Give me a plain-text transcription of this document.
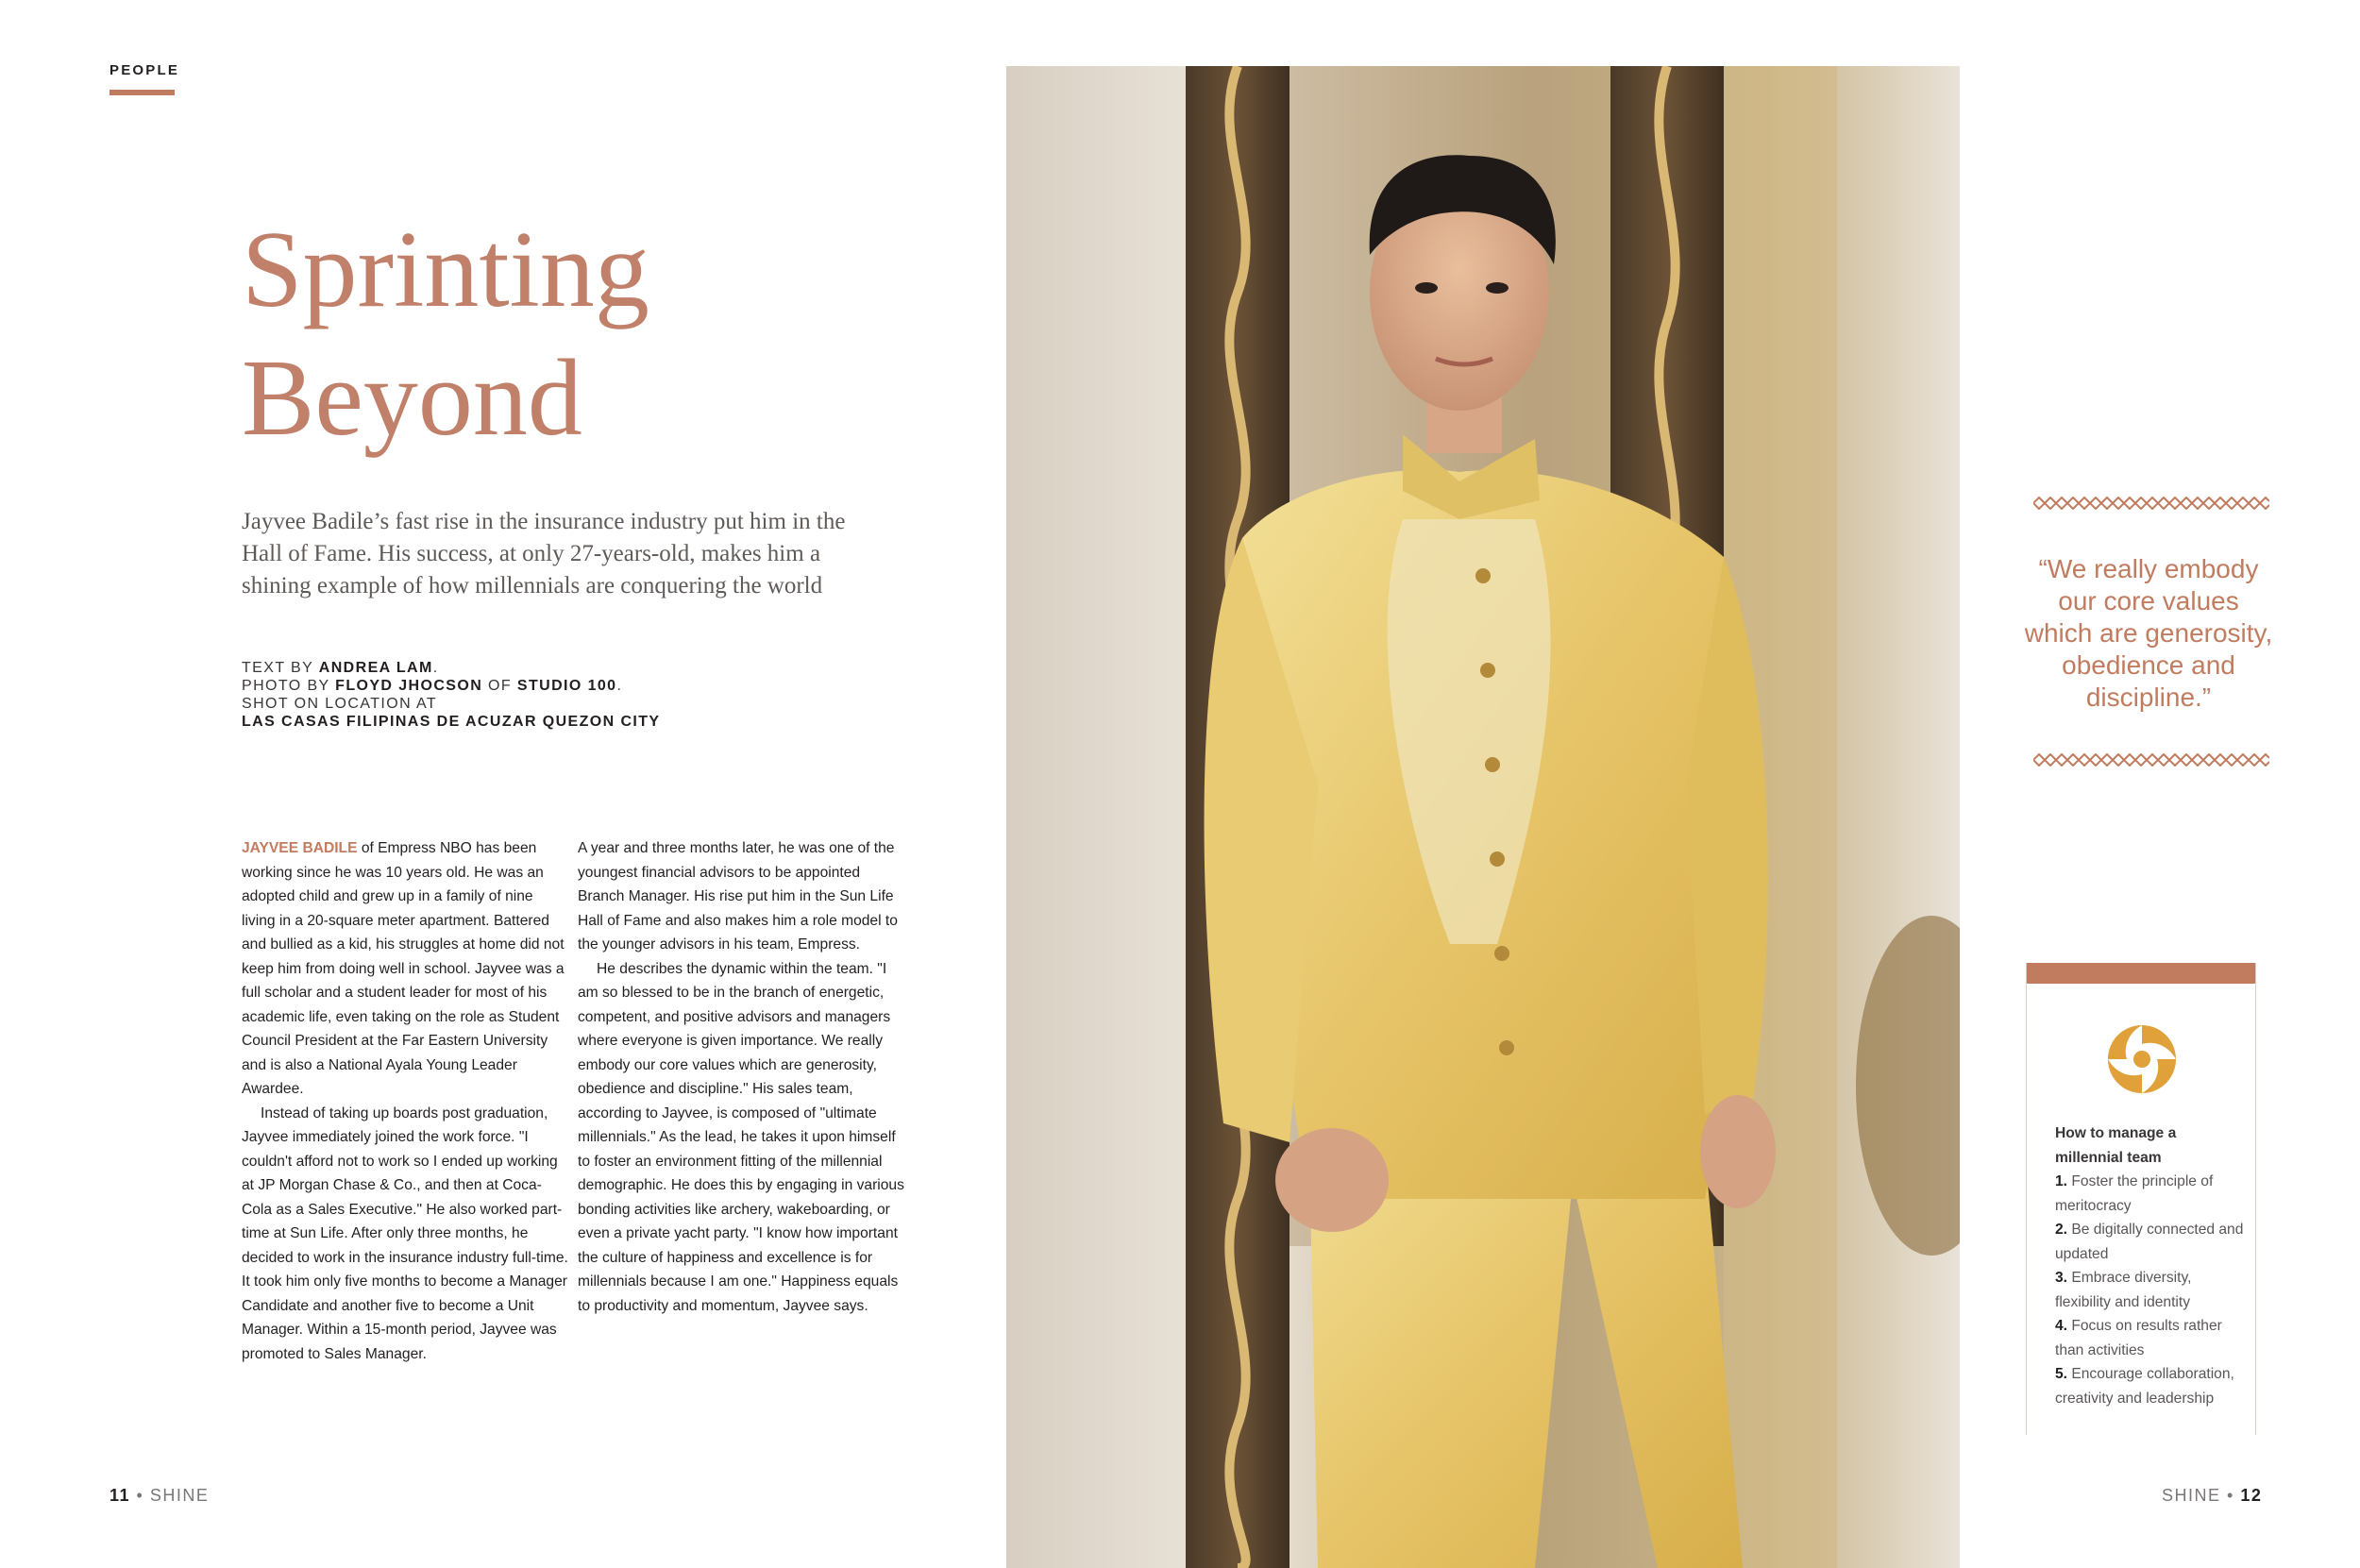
PEOPLE
Sprinting
Beyond
Jayvee Badile’s fast rise in the insurance industry put him in the Hall of Fame. His success, at only 27-years-old, makes him a shining example of how millennials are conquering the world
TEXT BY ANDREA LAM.
PHOTO BY FLOYD JHOCSON OF STUDIO 100.
SHOT ON LOCATION AT
LAS CASAS FILIPINAS DE ACUZAR QUEZON CITY

JAYVEE BADILE of Empress NBO has been working since he was 10 years old. He was an adopted child and grew up in a family of nine living in a 20-square meter apartment. Battered and bullied as a kid, his struggles at home did not keep him from doing well in school. Jayvee was a full scholar and a student leader for most of his academic life, even taking on the role as Student Council President at the Far Eastern University and is also a National Ayala Young Leader Awardee.

Instead of taking up boards post graduation, Jayvee immediately joined the work force. "I couldn't afford not to work so I ended up working at JP Morgan Chase & Co., and then at Coca-Cola as a Sales Executive." He also worked part-time at Sun Life. After only three months, he decided to work in the insurance industry full-time. It took him only five months to become a Manager Candidate and another five to become a Unit Manager. Within a 15-month period, Jayvee was promoted to Sales Manager.

A year and three months later, he was one of the youngest financial advisors to be appointed Branch Manager. His rise put him in the Sun Life Hall of Fame and also makes him a role model to the younger advisors in his team, Empress.

He describes the dynamic within the team. "I am so blessed to be in the branch of energetic, competent, and positive advisors and managers where everyone is given importance. We really embody our core values which are generosity, obedience and discipline." His sales team, according to Jayvee, is composed of "ultimate millennials." As the lead, he takes it upon himself to foster an environment fitting of the millennial demographic. He does this by engaging in various bonding activities like archery, wakeboarding, or even a private yacht party. "I know how important the culture of happiness and excellence is for millennials because I am one." Happiness equals to productivity and momentum, Jayvee says.

11 • SHINE
“We really embody our core values which are generosity, obedience and discipline.”
How to manage a millennial team
1. Foster the principle of meritocracy
2. Be digitally connected and updated
3. Embrace diversity, flexibility and identity
4. Focus on results rather than activities
5. Encourage collaboration, creativity and leadership
SHINE • 12
